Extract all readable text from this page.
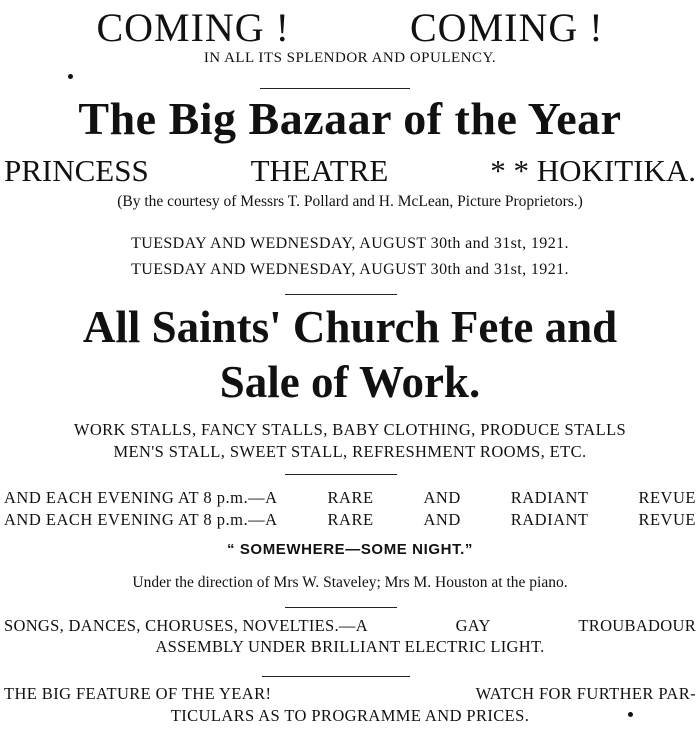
COMING !	COMING !
IN ALL ITS SPLENDOR AND OPULENCY.
The Big Bazaar of the Year
PRINCESS	THEATRE	* * HOKITIKA.
(By the courtesy of Messrs T. Pollard and H. McLean, Picture Proprietors.)
TUESDAY AND WEDNESDAY, AUGUST 30th and 31st, 1921.
TUESDAY AND WEDNESDAY, AUGUST 30th and 31st, 1921.
All Saints' Church Fete and
Sale of Work.
WORK STALLS, FANCY STALLS, BABY CLOTHING, PRODUCE STALLS
MEN'S STALL, SWEET STALL, REFRESHMENT ROOMS, ETC.
AND EACH EVENING AT 8 p.m.—A	RARE	AND	RADIANT	REVUE
AND EACH EVENING AT 8 p.m.—A	RARE	AND	RADIANT	REVUE
“ SOMEWHERE—SOME NIGHT.”
Under the direction of Mrs W. Staveley; Mrs M. Houston at the piano.
SONGS, DANCES, CHORUSES, NOVELTIES.—A	GAY	TROUBADOUR
ASSEMBLY UNDER BRILLIANT ELECTRIC LIGHT.
THE BIG FEATURE OF THE YEAR!	WATCH FOR FURTHER PAR-
TICULARS AS TO PROGRAMME AND PRICES.
